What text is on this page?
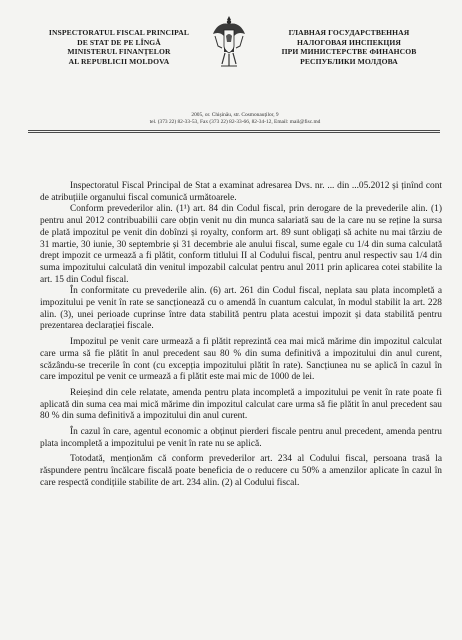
INSPECTORATUL FISCAL PRINCIPAL
DE STAT DE PE LÎNGĂ
MINISTERUL FINANȚELOR
AL REPUBLICII MOLDOVA
ГЛАВНАЯ ГОСУДАРСТВЕННАЯ
НАЛОГОВАЯ ИНСПЕКЦИЯ
ПРИ МИНИСТЕРСТВЕ ФИНАНСОВ
РЕСПУБЛИКИ МОЛДОВА
2005, or. Chișinău, str. Cosmonauților, 9
tel. (373 22) 82-33-53, Fax (373 22) 82-33-66, 82-34-12, Email: mail@fisc.md

Inspectoratul Fiscal Principal de Stat a examinat adresarea Dvs. nr. ... din ...05.2012 și ținînd cont de atribuțiile organului fiscal comunică următoarele.

Conform prevederilor alin. (1¹) art. 84 din Codul fiscal, prin derogare de la prevederile alin. (1) pentru anul 2012 contribuabilii care obțin venit nu din munca salariată sau de la care nu se reține la sursa de plată impozitul pe venit din dobînzi și royalty, conform art. 89 sunt obligați să achite nu mai târziu de 31 martie, 30 iunie, 30 septembrie și 31 decembrie ale anului fiscal, sume egale cu 1/4 din suma calculată drept impozit ce urmează a fi plătit, conform titlului II al Codului fiscal, pentru anul respectiv sau 1/4 din suma impozitului calculată din venitul impozabil calculat pentru anul 2011 prin aplicarea cotei stabilite la art. 15 din Codul fiscal.

În conformitate cu prevederile alin. (6) art. 261 din Codul fiscal, neplata sau plata incompletă a impozitului pe venit în rate se sancționează cu o amendă în cuantum calculat, în modul stabilit la art. 228 alin. (3), unei perioade cuprinse între data stabilită pentru plata acestui impozit și data stabilită pentru prezentarea declarației fiscale.

Impozitul pe venit care urmează a fi plătit reprezintă cea mai mică mărime din impozitul calculat care urma să fie plătit în anul precedent sau 80 % din suma definitivă a impozitului din anul curent, scăzându-se trecerile în cont (cu excepția impozitului plătit în rate). Sancțiunea nu se aplică în cazul în care impozitul pe venit ce urmează a fi plătit este mai mic de 1000 de lei.

Reieșind din cele relatate, amenda pentru plata incompletă a impozitului pe venit în rate poate fi aplicată din suma cea mai mică mărime din impozitul calculat care urma să fie plătit în anul precedent sau 80 % din suma definitivă a impozitului din anul curent.

În cazul în care, agentul economic a obținut pierderi fiscale pentru anul precedent, amenda pentru plata incompletă a impozitului pe venit în rate nu se aplică.

Totodată, menționăm că conform prevederilor art. 234 al Codului fiscal, persoana trasă la răspundere pentru încălcare fiscală poate beneficia de o reducere cu 50% a amenzilor aplicate în cazul în care respectă condițiile stabilite de art. 234 alin. (2) al Codului fiscal.
